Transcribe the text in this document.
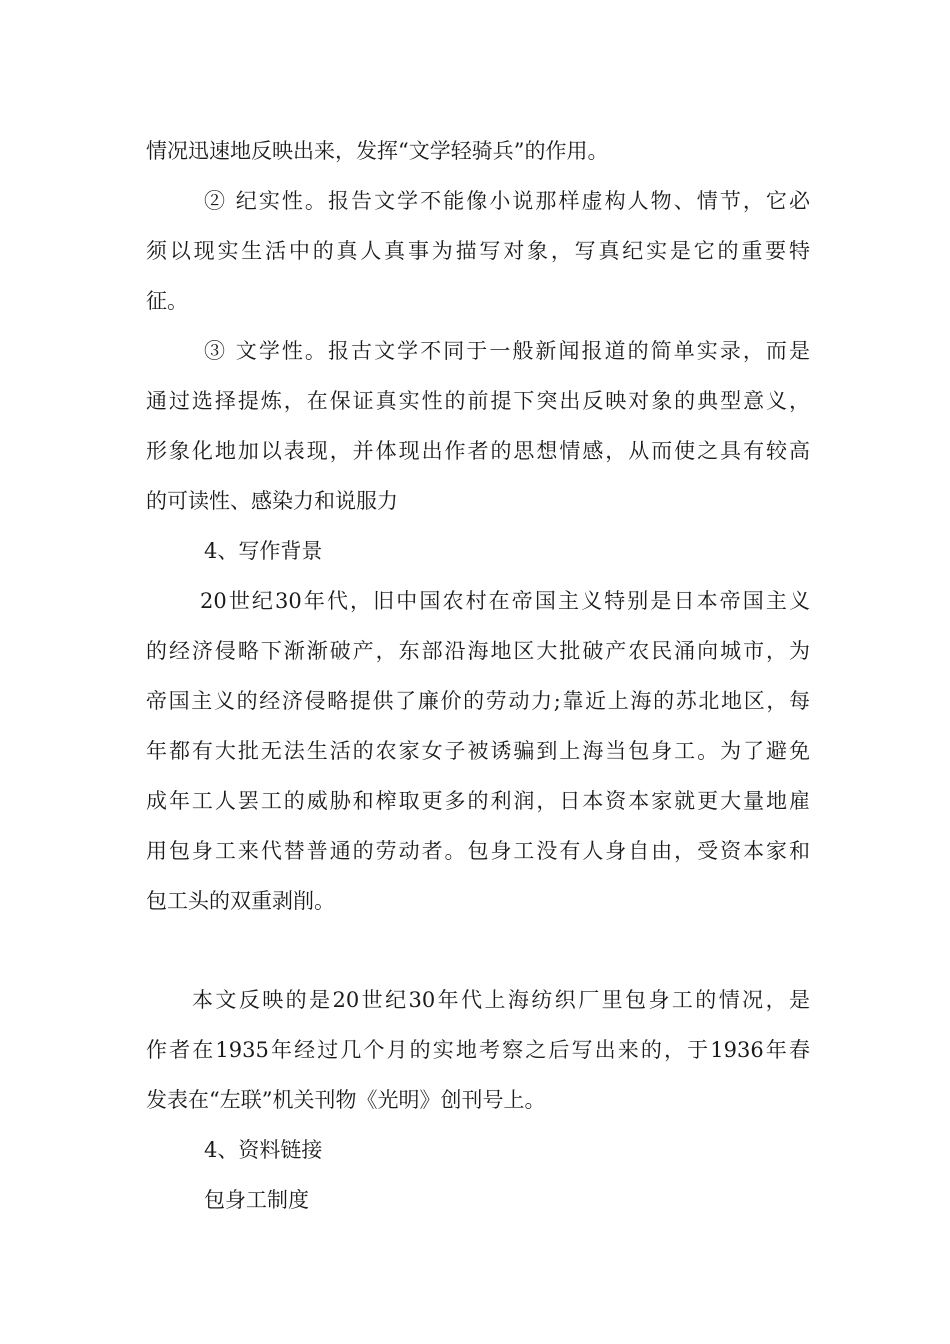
情况迅速地反映出来，发挥“文学轻骑兵”的作用。
② 纪实性。报告文学不能像小说那样虚构人物、情节，它必
须以现实生活中的真人真事为描写对象，写真纪实是它的重要特
征。
③ 文学性。报古文学不同于一般新闻报道的简单实录，而是
通过选择提炼，在保证真实性的前提下突出反映对象的典型意义，
形象化地加以表现，并体现出作者的思想情感，从而使之具有较高
的可读性、感染力和说服力
4、写作背景
20世纪30年代，旧中国农村在帝国主义特别是日本帝国主义
的经济侵略下渐渐破产，东部沿海地区大批破产农民涌向城市，为
帝国主义的经济侵略提供了廉价的劳动力;靠近上海的苏北地区，每
年都有大批无法生活的农家女子被诱骗到上海当包身工。为了避免
成年工人罢工的威胁和榨取更多的利润，日本资本家就更大量地雇
用包身工来代替普通的劳动者。包身工没有人身自由，受资本家和
包工头的双重剥削。
本文反映的是20世纪30年代上海纺织厂里包身工的情况，是
作者在1935年经过几个月的实地考察之后写出来的，于1936年春
发表在“左联”机关刊物《光明》创刊号上。
4、资料链接
包身工制度
